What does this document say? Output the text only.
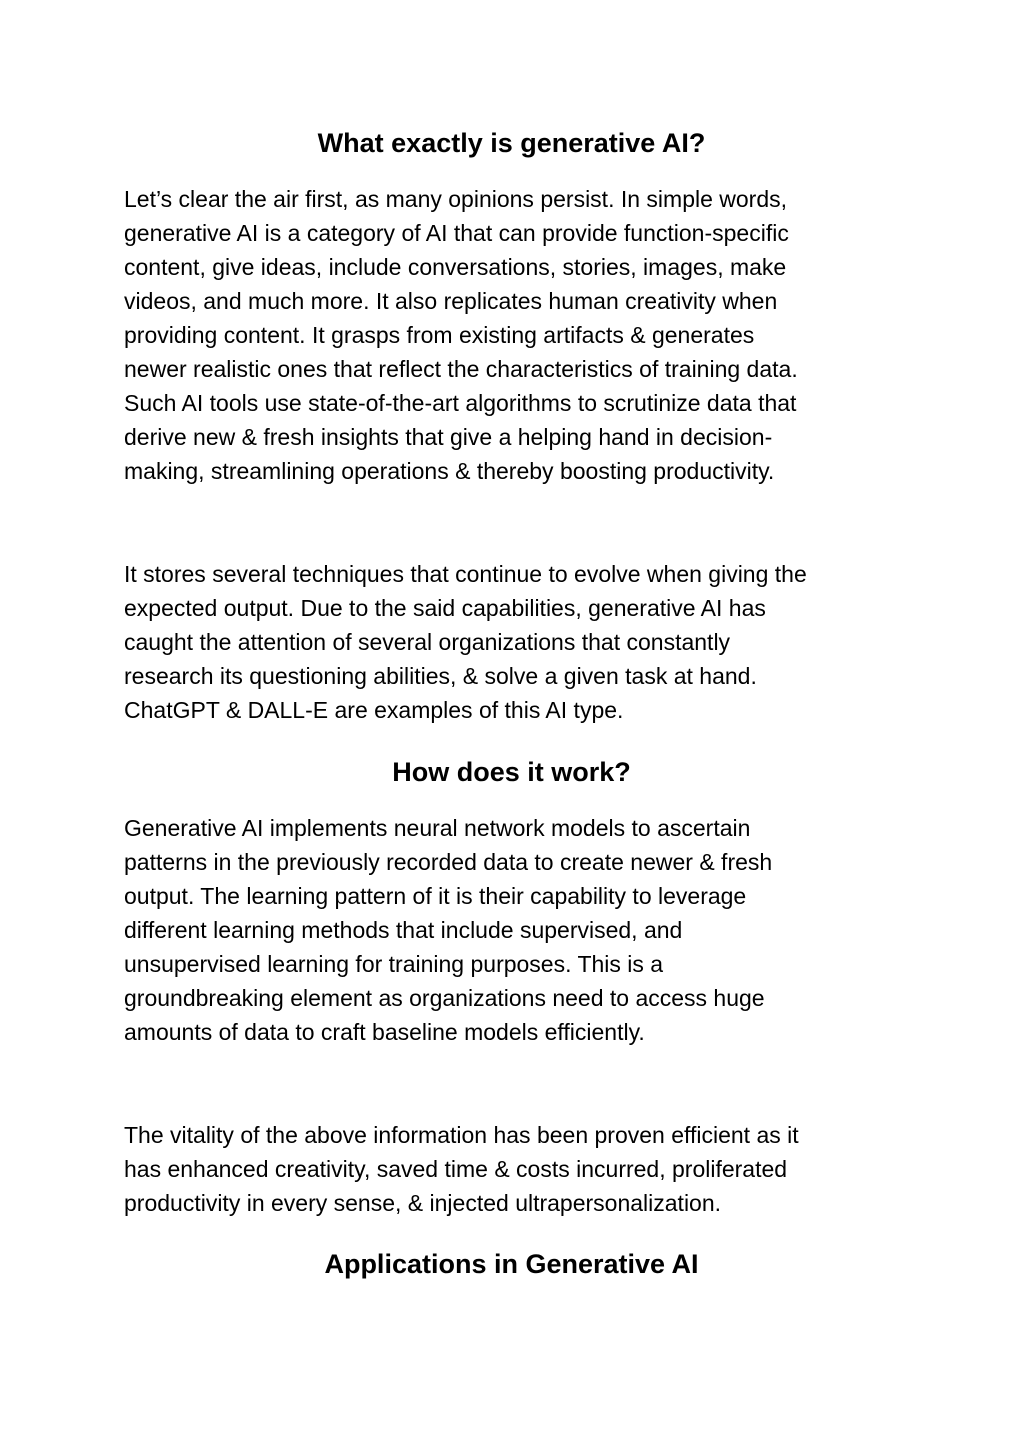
What exactly is generative AI?

Let’s clear the air first, as many opinions persist. In simple words,
generative AI is a category of AI that can provide function-specific
content, give ideas, include conversations, stories, images, make
videos, and much more. It also replicates human creativity when
providing content. It grasps from existing artifacts & generates
newer realistic ones that reflect the characteristics of training data.
Such AI tools use state-of-the-art algorithms to scrutinize data that
derive new & fresh insights that give a helping hand in decision-
making, streamlining operations & thereby boosting productivity.

It stores several techniques that continue to evolve when giving the
expected output. Due to the said capabilities, generative AI has
caught the attention of several organizations that constantly
research its questioning abilities, & solve a given task at hand.
ChatGPT & DALL-E are examples of this AI type.

How does it work?

Generative AI implements neural network models to ascertain
patterns in the previously recorded data to create newer & fresh
output. The learning pattern of it is their capability to leverage
different learning methods that include supervised, and
unsupervised learning for training purposes. This is a
groundbreaking element as organizations need to access huge
amounts of data to craft baseline models efficiently.

The vitality of the above information has been proven efficient as it
has enhanced creativity, saved time & costs incurred, proliferated
productivity in every sense, & injected ultrapersonalization.

Applications in Generative AI
